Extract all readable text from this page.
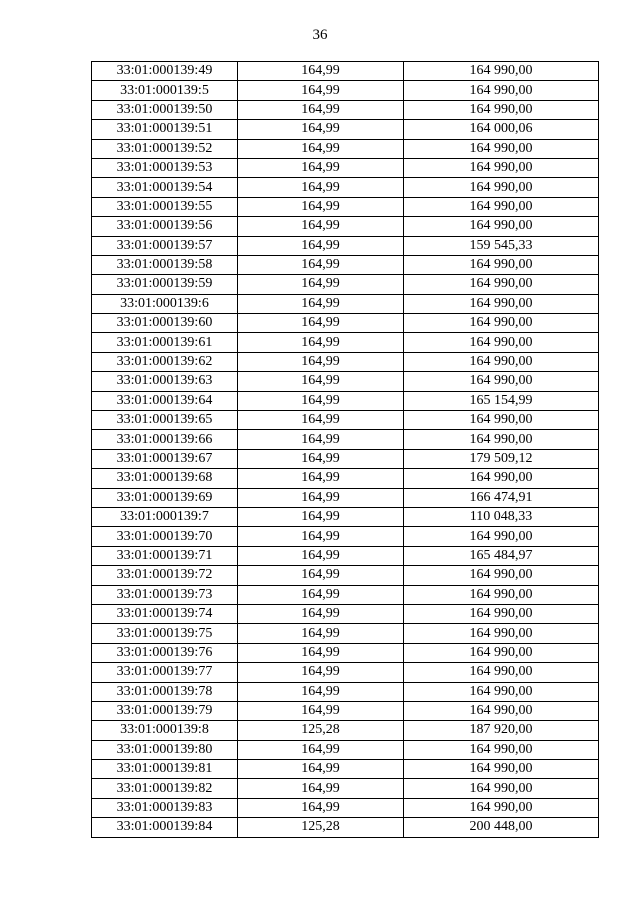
36
33:01:000139:49	164,99	164 990,00
33:01:000139:5	164,99	164 990,00
33:01:000139:50	164,99	164 990,00
33:01:000139:51	164,99	164 000,06
33:01:000139:52	164,99	164 990,00
33:01:000139:53	164,99	164 990,00
33:01:000139:54	164,99	164 990,00
33:01:000139:55	164,99	164 990,00
33:01:000139:56	164,99	164 990,00
33:01:000139:57	164,99	159 545,33
33:01:000139:58	164,99	164 990,00
33:01:000139:59	164,99	164 990,00
33:01:000139:6	164,99	164 990,00
33:01:000139:60	164,99	164 990,00
33:01:000139:61	164,99	164 990,00
33:01:000139:62	164,99	164 990,00
33:01:000139:63	164,99	164 990,00
33:01:000139:64	164,99	165 154,99
33:01:000139:65	164,99	164 990,00
33:01:000139:66	164,99	164 990,00
33:01:000139:67	164,99	179 509,12
33:01:000139:68	164,99	164 990,00
33:01:000139:69	164,99	166 474,91
33:01:000139:7	164,99	110 048,33
33:01:000139:70	164,99	164 990,00
33:01:000139:71	164,99	165 484,97
33:01:000139:72	164,99	164 990,00
33:01:000139:73	164,99	164 990,00
33:01:000139:74	164,99	164 990,00
33:01:000139:75	164,99	164 990,00
33:01:000139:76	164,99	164 990,00
33:01:000139:77	164,99	164 990,00
33:01:000139:78	164,99	164 990,00
33:01:000139:79	164,99	164 990,00
33:01:000139:8	125,28	187 920,00
33:01:000139:80	164,99	164 990,00
33:01:000139:81	164,99	164 990,00
33:01:000139:82	164,99	164 990,00
33:01:000139:83	164,99	164 990,00
33:01:000139:84	125,28	200 448,00
